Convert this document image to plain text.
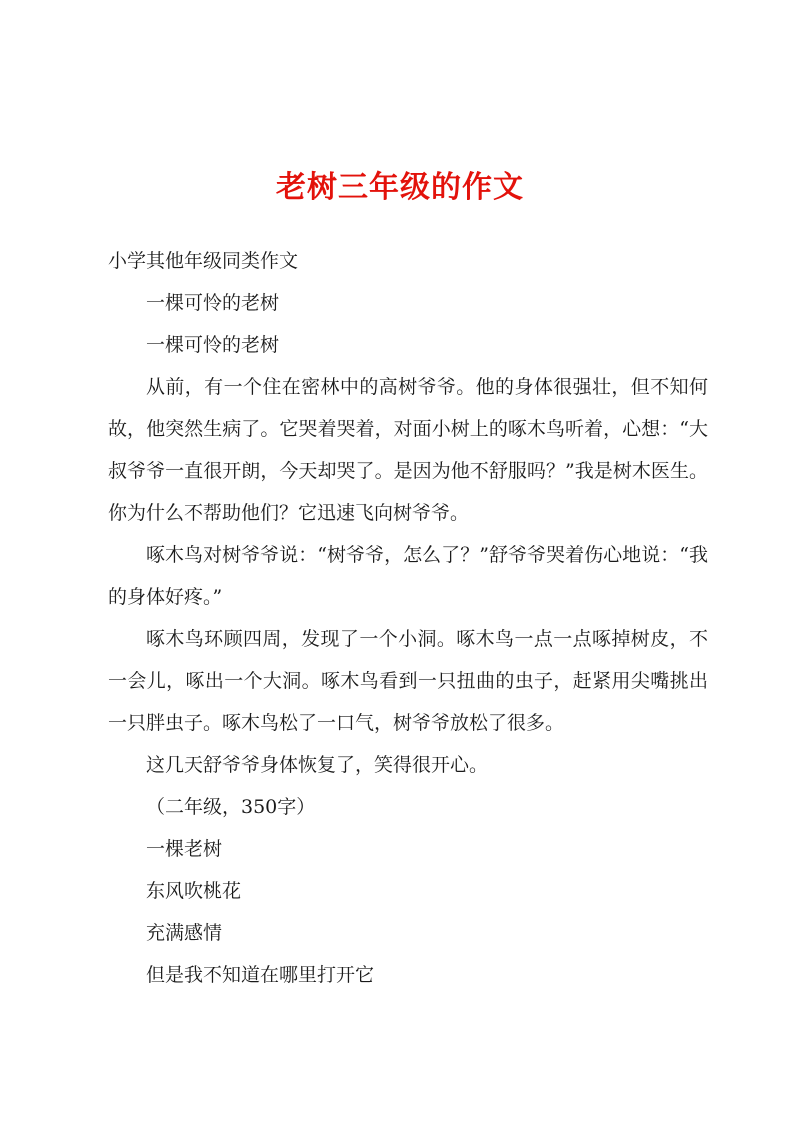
老树三年级的作文

小学其他年级同类作文

一棵可怜的老树

一棵可怜的老树

从前，有一个住在密林中的高树爷爷。他的身体很强壮，但不知何故，他突然生病了。它哭着哭着，对面小树上的啄木鸟听着，心想：“大叔爷爷一直很开朗，今天却哭了。是因为他不舒服吗？”我是树木医生。你为什么不帮助他们？它迅速飞向树爷爷。

啄木鸟对树爷爷说：“树爷爷，怎么了？”舒爷爷哭着伤心地说：“我的身体好疼。”

啄木鸟环顾四周，发现了一个小洞。啄木鸟一点一点啄掉树皮，不一会儿，啄出一个大洞。啄木鸟看到一只扭曲的虫子，赶紧用尖嘴挑出一只胖虫子。啄木鸟松了一口气，树爷爷放松了很多。

这几天舒爷爷身体恢复了，笑得很开心。

（二年级，350字）

一棵老树

东风吹桃花

充满感情

但是我不知道在哪里打开它
